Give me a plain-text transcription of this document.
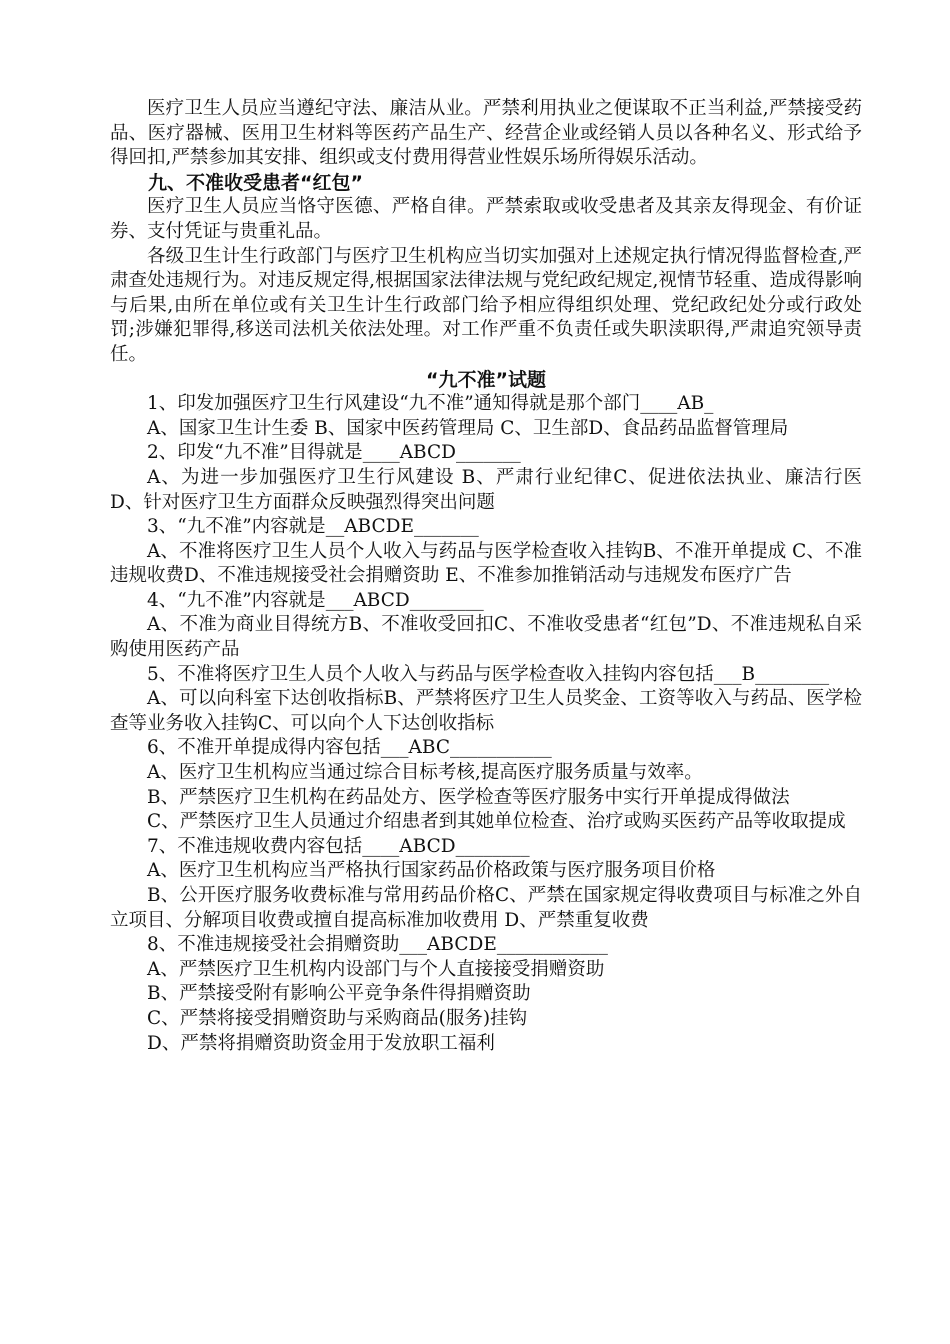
医疗卫生人员应当遵纪守法、廉洁从业。严禁利用执业之便谋取不正当利益,严禁接受药品、医疗器械、医用卫生材料等医药产品生产、经营企业或经销人员以各种名义、形式给予得回扣,严禁参加其安排、组织或支付费用得营业性娱乐场所得娱乐活动。

九、不准收受患者“红包”

医疗卫生人员应当恪守医德、严格自律。严禁索取或收受患者及其亲友得现金、有价证券、支付凭证与贵重礼品。

各级卫生计生行政部门与医疗卫生机构应当切实加强对上述规定执行情况得监督检查,严肃查处违规行为。对违反规定得,根据国家法律法规与党纪政纪规定,视情节轻重、造成得影响与后果,由所在单位或有关卫生计生行政部门给予相应得组织处理、党纪政纪处分或行政处罚;涉嫌犯罪得,移送司法机关依法处理。对工作严重不负责任或失职渎职得,严肃追究领导责任。

“九不准”试题

1、印发加强医疗卫生行风建设“九不准”通知得就是那个部门____AB_

A、国家卫生计生委 B、国家中医药管理局 C、卫生部D、食品药品监督管理局

2、印发“九不准”目得就是____ABCD_______

A、为进一步加强医疗卫生行风建设 B、严肃行业纪律C、促进依法执业、廉洁行医 D、针对医疗卫生方面群众反映强烈得突出问题

3、“九不准”内容就是__ABCDE_______

A、不准将医疗卫生人员个人收入与药品与医学检查收入挂钩B、不准开单提成 C、不准违规收费D、不准违规接受社会捐赠资助 E、不准参加推销活动与违规发布医疗广告

4、“九不准”内容就是___ABCD________

A、不准为商业目得统方B、不准收受回扣C、不准收受患者“红包”D、不准违规私自采购使用医药产品

5、不准将医疗卫生人员个人收入与药品与医学检查收入挂钩内容包括___B________

A、可以向科室下达创收指标B、严禁将医疗卫生人员奖金、工资等收入与药品、医学检查等业务收入挂钩C、可以向个人下达创收指标

6、不准开单提成得内容包括___ABC___________

A、医疗卫生机构应当通过综合目标考核,提高医疗服务质量与效率。

B、严禁医疗卫生机构在药品处方、医学检查等医疗服务中实行开单提成得做法

C、严禁医疗卫生人员通过介绍患者到其她单位检查、治疗或购买医药产品等收取提成

7、不准违规收费内容包括____ABCD________

A、医疗卫生机构应当严格执行国家药品价格政策与医疗服务项目价格

B、公开医疗服务收费标准与常用药品价格C、严禁在国家规定得收费项目与标准之外自立项目、分解项目收费或擅自提高标准加收费用 D、严禁重复收费

8、不准违规接受社会捐赠资助___ABCDE____________

A、严禁医疗卫生机构内设部门与个人直接接受捐赠资助

B、严禁接受附有影响公平竞争条件得捐赠资助

C、严禁将接受捐赠资助与采购商品(服务)挂钩

D、严禁将捐赠资助资金用于发放职工福利
